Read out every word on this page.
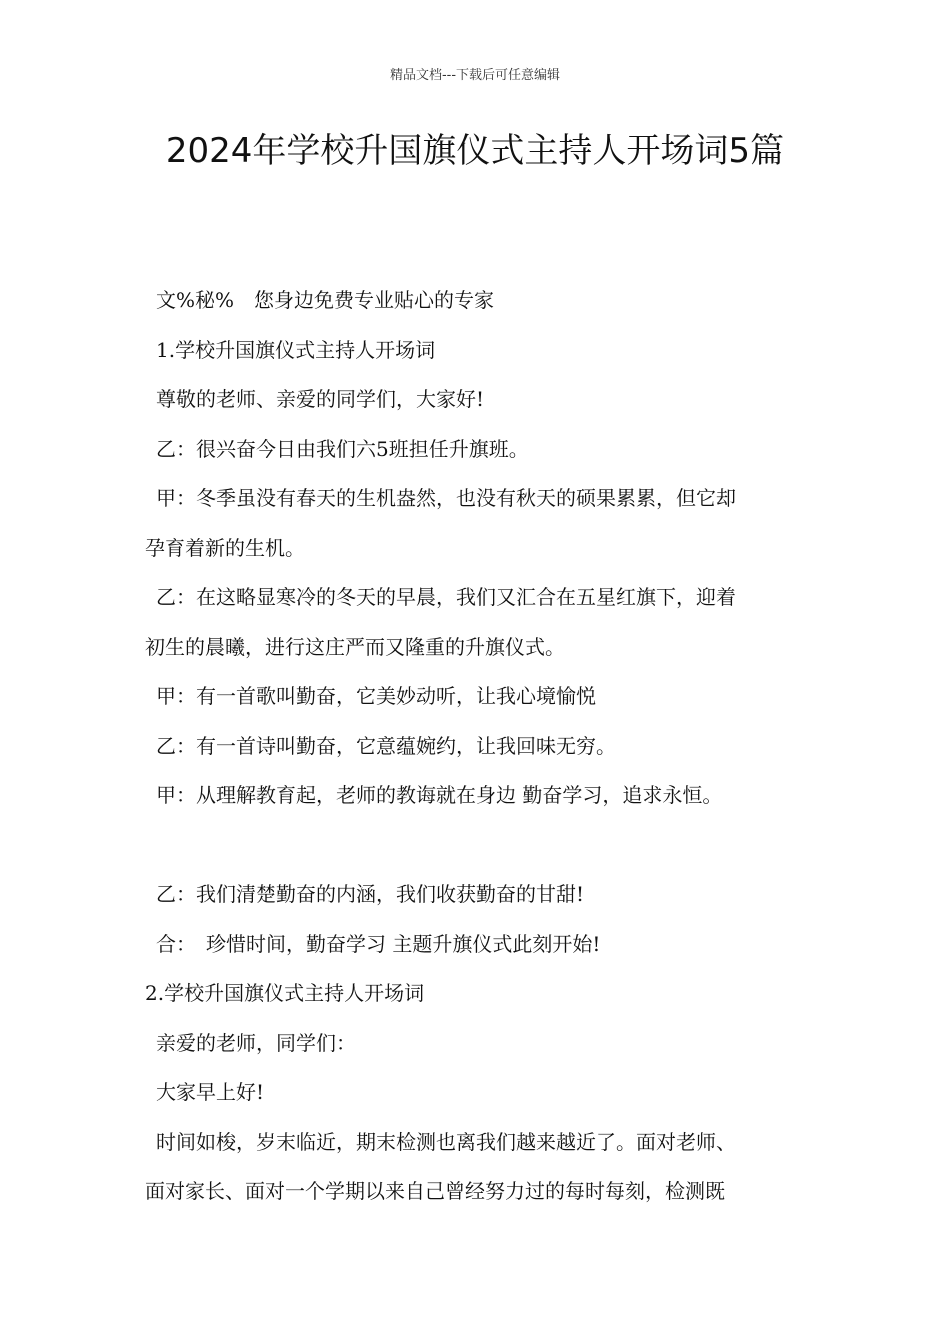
精品文档---下载后可任意编辑
2024年学校升国旗仪式主持人开场词5篇

文%秘%　您身边免费专业贴心的专家

1.学校升国旗仪式主持人开场词

尊敬的老师、亲爱的同学们，大家好!

乙：很兴奋今日由我们六5班担任升旗班。

甲：冬季虽没有春天的生机盎然，也没有秋天的硕果累累，但它却

孕育着新的生机。

乙：在这略显寒冷的冬天的早晨，我们又汇合在五星红旗下，迎着

初生的晨曦，进行这庄严而又隆重的升旗仪式。

甲：有一首歌叫勤奋，它美妙动听，让我心境愉悦

乙：有一首诗叫勤奋，它意蕴婉约，让我回味无穷。

甲：从理解教育起，老师的教诲就在身边 勤奋学习，追求永恒。

乙：我们清楚勤奋的内涵，我们收获勤奋的甘甜!

合：　珍惜时间，勤奋学习 主题升旗仪式此刻开始!

2.学校升国旗仪式主持人开场词

亲爱的老师，同学们：

大家早上好!

时间如梭，岁末临近，期末检测也离我们越来越近了。面对老师、

面对家长、面对一个学期以来自己曾经努力过的每时每刻，检测既
